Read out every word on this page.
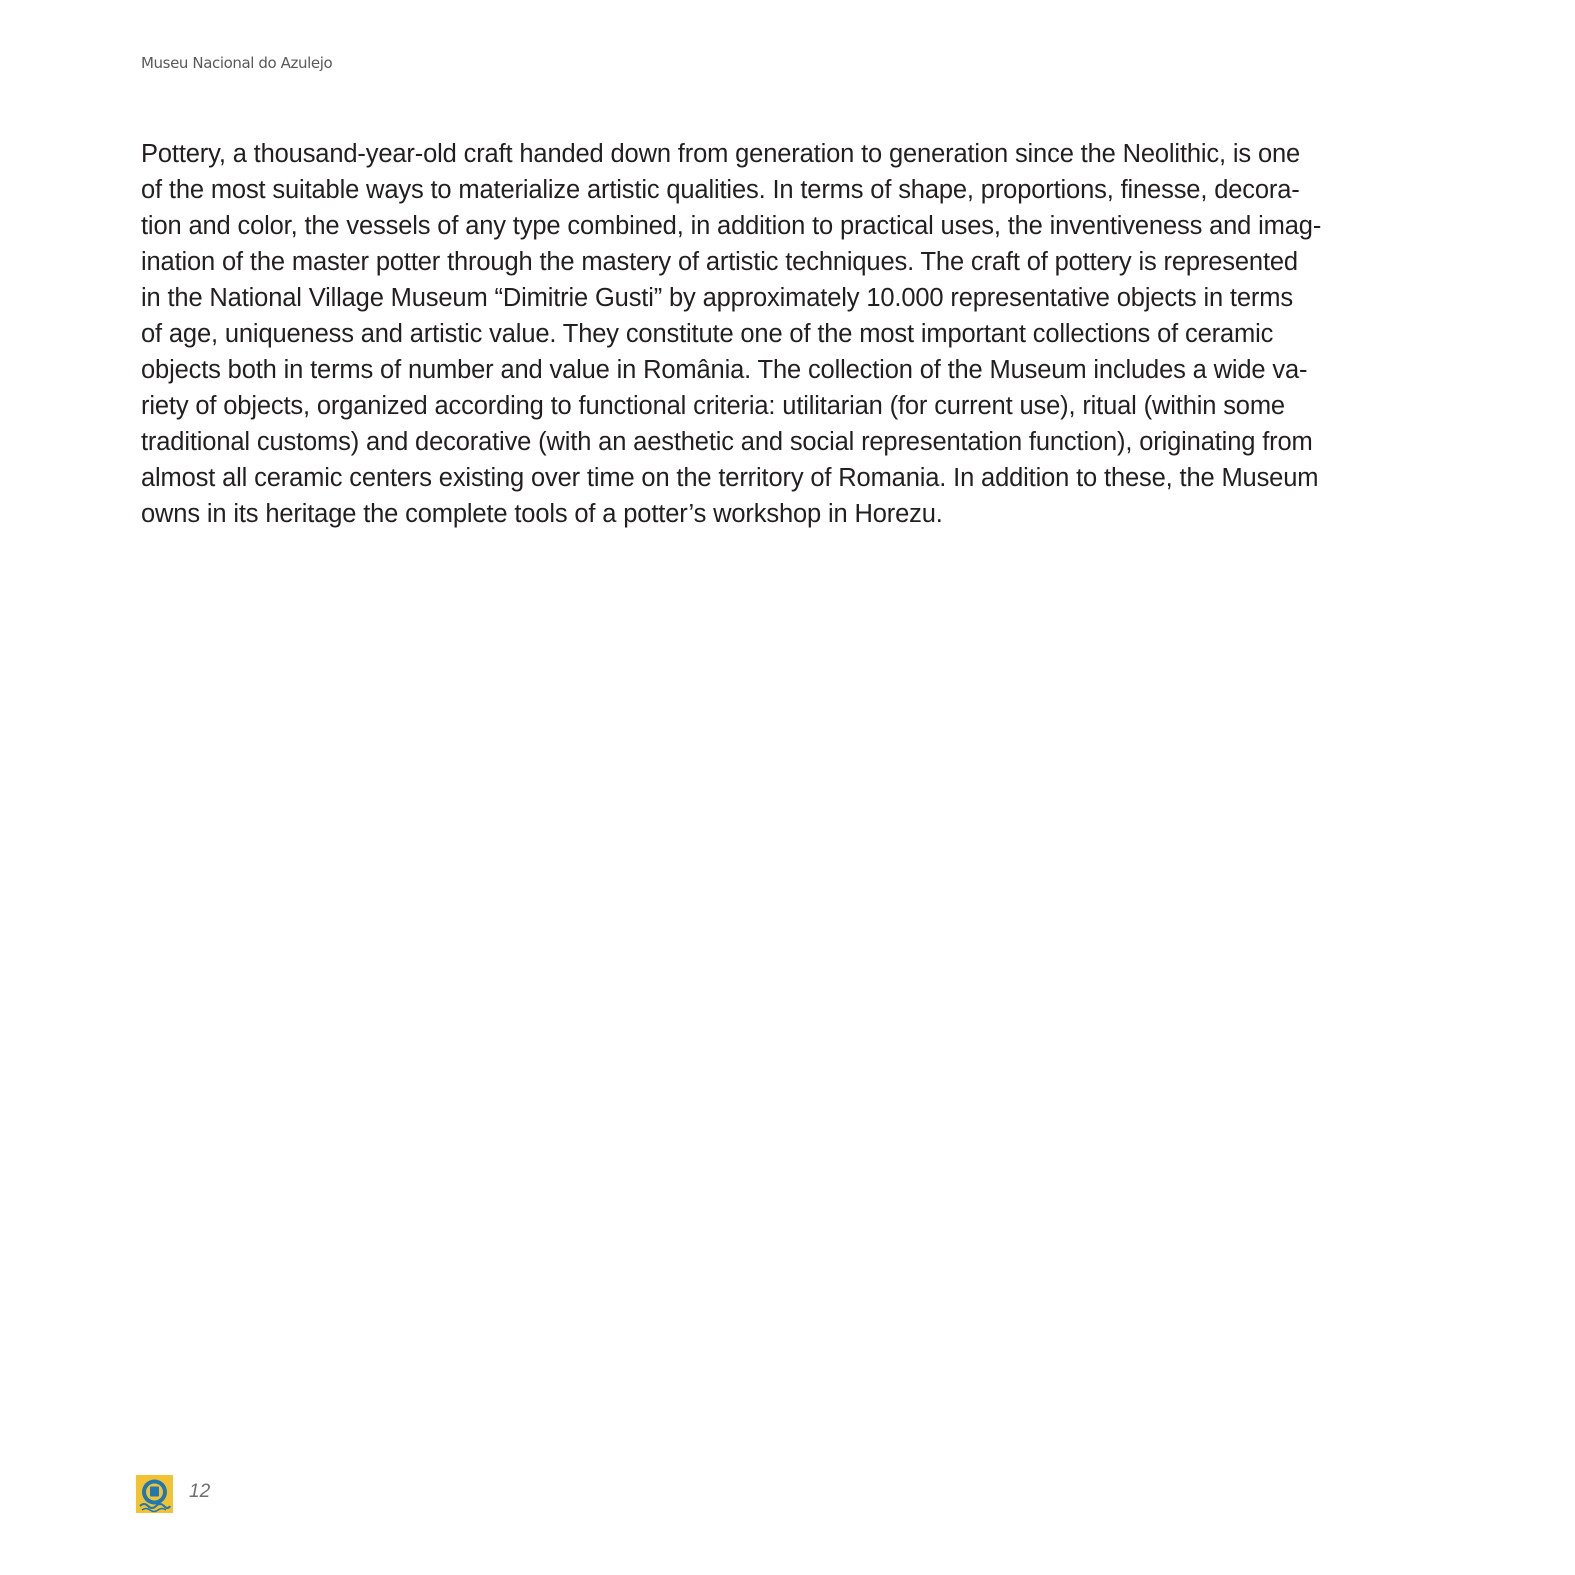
Museu Nacional do Azulejo

Pottery, a thousand-year-old craft handed down from generation to generation since the Neolithic, is one
of the most suitable ways to materialize artistic qualities. In terms of shape, proportions, finesse, decora-
tion and color, the vessels of any type combined, in addition to practical uses, the inventiveness and imag-
ination of the master potter through the mastery of artistic techniques. The craft of pottery is represented
in the National Village Museum “Dimitrie Gusti” by approximately 10.000 representative objects in terms
of age, uniqueness and artistic value. They constitute one of the most important collections of ceramic
objects both in terms of number and value in România. The collection of the Museum includes a wide va-
riety of objects, organized according to functional criteria: utilitarian (for current use), ritual (within some
traditional customs) and decorative (with an aesthetic and social representation function), originating from
almost all ceramic centers existing over time on the territory of Romania. In addition to these, the Museum
owns in its heritage the complete tools of a potter’s workshop in Horezu.

12
